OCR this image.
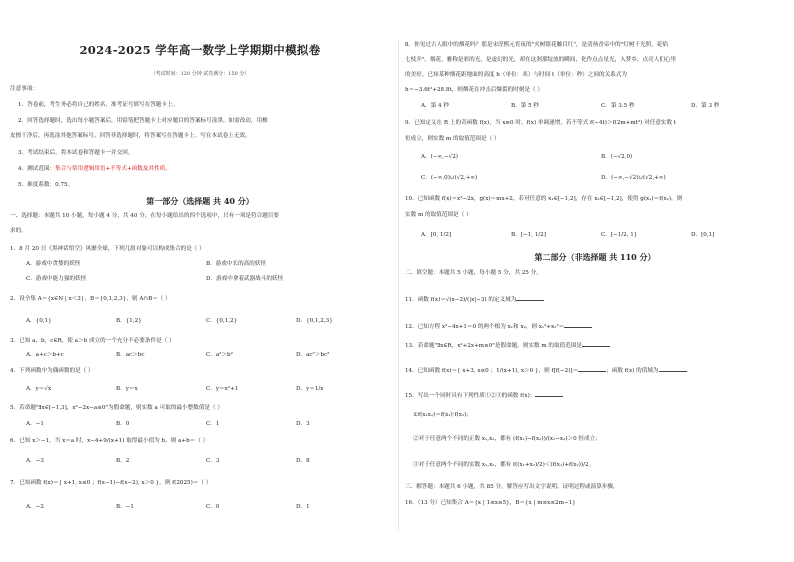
2024-2025 学年高一数学上学期期中模拟卷
（考试时间：120 分钟 试卷满分：150 分）
注意事项：
1．答卷前，考生务必将自己的姓名、准考证号填写在答题卡上。
2．回答选择题时，选出每小题答案后，用铅笔把答题卡上对应题目的答案标号涂黑。如需改动，用橡
皮擦干净后，再选涂其他答案标号。回答非选择题时，将答案写在答题卡上。写在本试卷上无效。
3．考试结束后，将本试卷和答题卡一并交回。
4．测试范围：集合与常用逻辑用语+不等式+函数及其性质。
5．难度系数：0.75。
第一部分（选择题 共 40 分）
一、选择题：本题共 10 小题，每小题 4 分，共 40 分。在每小题给出的四个选项中，只有一项是符合题目要
求的。
1．8 月 20 日《黑神话悟空》风靡全球，下列几组对象可以构成集合的是（ ）
A．游戏中贪婪的妖怪	B．游戏中长的高的妖怪
C．游戏中能力强的妖怪	D．游戏中拿着武器战斗的妖怪
2．设全集 A＝{x∈N | x＜3}，B＝{0,1,2,3}，则 A∩B＝（ ）
A．{0,1}	B．{1,2}	C．{0,1,2}	D．{0,1,2,3}
3．已知 a，b，c∈R，使 a＞b 成立的一个充分不必要条件是（ ）
A．a+c＞b+c	B．ac＞bc	C．a²＞b²	D．ac²＞bc²
4．下列函数中为偶函数的是（ ）
A．y＝√x	B．y＝x	C．y＝x²+1	D．y＝1/x
5．若命题"∃x∈[−1,3]，x²−2x−a≤0"为假命题，则实数 a 可取的最小整数值是（ ）
A．−1	B．0	C．1	D．3
6．已知 x＞−1，当 x＝a 时，x−4+9/(x+1) 取得最小值为 b，则 a+b＝（ ）
A．−3	B．2	C．3	D．8
7．已知函数 f(x)＝{ x+1, x≤0 ；f(x−1)−f(x−2), x＞0 }，则 f(2025)＝（ ）
A．−2	B．−1	C．0	D．1
8．你见过古人眼中的烟花吗？那是宋淳熙元宵夜的"火树银花触目红"，是清扬香帝中的"灯树千光照，花焰
七枝开"。烟花，雅称是彩的光，是虚幻的光，却在这刹那绽放的瞬间，化作点点星光，入梦乡，点亮人们心里
的美好。已知某种烟花距地面的高度 h（单位：米）与时间 t（单位：秒）之间的关系式为
h＝−3.6t²+28.8t，则烟花在冲击后爆裂的时刻是（ ）
A．第 4 秒	B．第 5 秒	C．第 3.5 秒	D．第 3 秒
9．已知定义在 R 上的奇函数 f(x)，当 x≥0 时，f(x) 单调递增，若不等式 f(−4t)＞f(2m+mt²) 对任意实数 t
恒成立，则实数 m 的取值范围是（ ）
A．(−∞,−√2)	B．(−√2,0)
C．(−∞,0)∪(√2,+∞)	D．(−∞,−√2)∪(√2,+∞)
10．已知函数 f(x)＝x²−2x，g(x)＝mx+2，若对任意的 x₁∈[−1,2]，存在 x₂∈[−1,2]，使得 g(x₁)＝f(x₂)，则
实数 m 的取值范围是（ ）
A．[0, 1/2]	B．[−1, 1/2]	C．[−1/2, 1]	D．[0,1]
第二部分（非选择题 共 110 分）
二、填空题：本题共 5 小题，每小题 5 分，共 25 分。
11．函数 f(x)＝√(x−2)/(|x|−3) 的定义域为
12．已知方程 x²−4x+1＝0 的两个根为 x₁和 x₂，则 x₁²+x₂²＝
13．若命题"∃x∈R，x²+2x+m≤0"是假命题，则实数 m 的取值范围是
14．已知函数 f(x)＝{ x+3, x≤0 ；1/(x+1), x＞0 }，则 f[f(−2)]＝	；函数 f(x) 的值域为
15．写出一个同时具有下列性质①②③的函数 f(x)：
①f(x₁x₂)＝f(x₁)·f(x₂)；
②对于任意两个不同的正数 x₁,x₂，都有 (f(x₁)−f(x₂))/(x₁−x₂)＞0 恒成立；
③对于任意两个不同的实数 x₁,x₂，都有 f((x₁+x₂)/2)＜(f(x₁)+f(x₂))/2。
三、解答题：本题共 6 小题，共 85 分。解答应写出文字说明、证明过程或演算步骤。
16．（13 分）已知集合 A＝{x | 1≤x≤5}，B＝{x | m≤x≤2m−1}
